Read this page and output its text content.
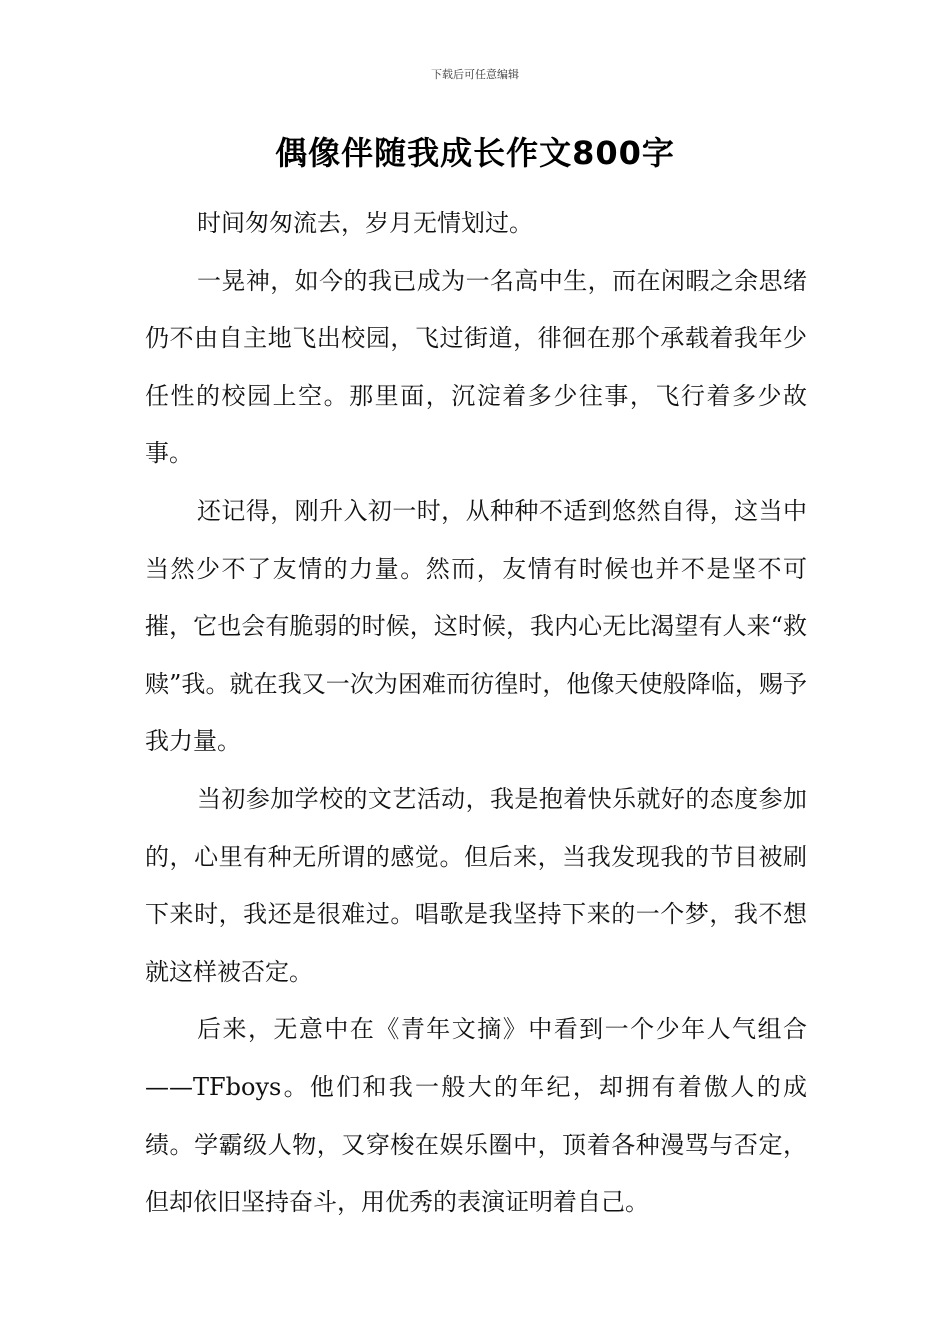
下载后可任意编辑
偶像伴随我成长作文800字

时间匆匆流去，岁月无情划过。

一晃神，如今的我已成为一名高中生，而在闲暇之余思绪仍不由自主地飞出校园，飞过街道，徘徊在那个承载着我年少任性的校园上空。那里面，沉淀着多少往事，飞行着多少故事。

还记得，刚升入初一时，从种种不适到悠然自得，这当中当然少不了友情的力量。然而，友情有时候也并不是坚不可摧，它也会有脆弱的时候，这时候，我内心无比渴望有人来“救赎”我。就在我又一次为困难而彷徨时，他像天使般降临，赐予我力量。

当初参加学校的文艺活动，我是抱着快乐就好的态度参加的，心里有种无所谓的感觉。但后来，当我发现我的节目被刷下来时，我还是很难过。唱歌是我坚持下来的一个梦，我不想就这样被否定。

后来，无意中在《青年文摘》中看到一个少年人气组合——TFboys。他们和我一般大的年纪，却拥有着傲人的成绩。学霸级人物，又穿梭在娱乐圈中，顶着各种漫骂与否定，但却依旧坚持奋斗，用优秀的表演证明着自己。
